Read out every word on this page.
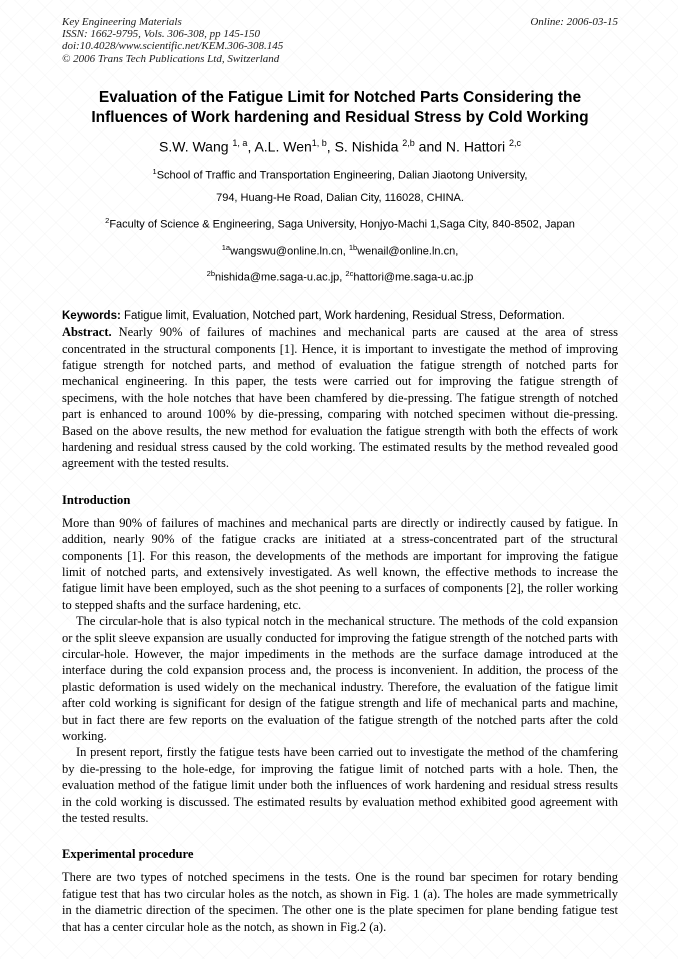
Key Engineering Materials
ISSN: 1662-9795, Vols. 306-308, pp 145-150
doi:10.4028/www.scientific.net/KEM.306-308.145
© 2006 Trans Tech Publications Ltd, Switzerland
Online: 2006-03-15
Evaluation of the Fatigue Limit for Notched Parts Considering the
Influences of Work hardening and Residual Stress by Cold Working
S.W. Wang $^{1, a}$, A.L. Wen$^{1, b}$, S. Nishida $^{2,b}$ and N. Hattori $^{2,c}$
$^1$School of Traffic and Transportation Engineering, Dalian Jiaotong University,
794, Huang-He Road, Dalian City, 116028, CHINA.
$^2$Faculty of Science & Engineering, Saga University, Honjyo-Machi 1,Saga City, 840-8502, Japan
$^{1a}$wangswu@online.ln.cn, $^{1b}$wenail@online.ln.cn,
$^{2b}$nishida@me.saga-u.ac.jp, $^{2c}$hattori@me.saga-u.ac.jp
Keywords: Fatigue limit, Evaluation, Notched part, Work hardening, Residual Stress, Deformation.

Abstract. Nearly 90% of failures of machines and mechanical parts are caused at the area of stress concentrated in the structural components [1]. Hence, it is important to investigate the method of improving fatigue strength for notched parts, and method of evaluation the fatigue strength of notched parts for mechanical engineering. In this paper, the tests were carried out for improving the fatigue strength of specimens, with the hole notches that have been chamfered by die-pressing. The fatigue strength of notched part is enhanced to around 100% by die-pressing, comparing with notched specimen without die-pressing. Based on the above results, the new method for evaluation the fatigue strength with both the effects of work hardening and residual stress caused by the cold working. The estimated results by the method revealed good agreement with the tested results.

Introduction

More than 90% of failures of machines and mechanical parts are directly or indirectly caused by fatigue. In addition, nearly 90% of the fatigue cracks are initiated at a stress-concentrated part of the structural components [1]. For this reason, the developments of the methods are important for improving the fatigue limit of notched parts, and extensively investigated. As well known, the effective methods to increase the fatigue limit have been employed, such as the shot peening to a surfaces of components [2], the roller working to stepped shafts and the surface hardening, etc.

The circular-hole that is also typical notch in the mechanical structure. The methods of the cold expansion or the split sleeve expansion are usually conducted for improving the fatigue strength of the notched parts with circular-hole. However, the major impediments in the methods are the surface damage introduced at the interface during the cold expansion process and, the process is inconvenient. In addition, the process of the plastic deformation is used widely on the mechanical industry. Therefore, the evaluation of the fatigue limit after cold working is significant for design of the fatigue strength and life of mechanical parts and machine, but in fact there are few reports on the evaluation of the fatigue strength of the notched parts after the cold working.

In present report, firstly the fatigue tests have been carried out to investigate the method of the chamfering by die-pressing to the hole-edge, for improving the fatigue limit of notched parts with a hole. Then, the evaluation method of the fatigue limit under both the influences of work hardening and residual stress results in the cold working is discussed. The estimated results by evaluation method exhibited good agreement with the tested results.

Experimental procedure

There are two types of notched specimens in the tests. One is the round bar specimen for rotary bending fatigue test that has two circular holes as the notch, as shown in Fig. 1 (a). The holes are made symmetrically in the diametric direction of the specimen. The other one is the plate specimen for plane bending fatigue test that has a center circular hole as the notch, as shown in Fig.2 (a).
